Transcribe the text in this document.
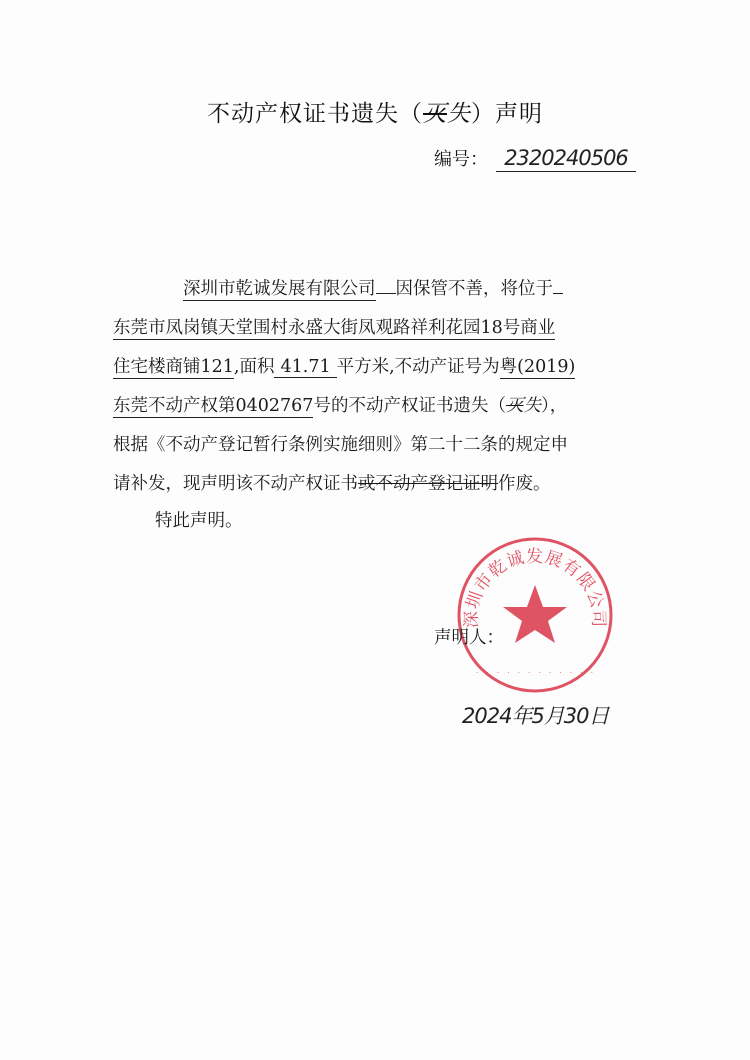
不动产权证书遗失（灭失）声明
编号： 2320240506
深圳市乾诚发展有限公司 因保管不善，将位于
东莞市凤岗镇天堂围村永盛大街凤观路祥利花园18号商业
住宅楼商铺121,面积 41.71 平方米,不动产证号为粤(2019)
东莞不动产权第0402767号的不动产权证书遗失（灭失），
根据《不动产登记暂行条例实施细则》第二十二条的规定申
请补发，现声明该不动产权证书或不动产登记证明作废。
特此声明。
深圳市乾诚发展有限公司
· · · · · · · · · · · ·
声明人：
2024年5月30日
